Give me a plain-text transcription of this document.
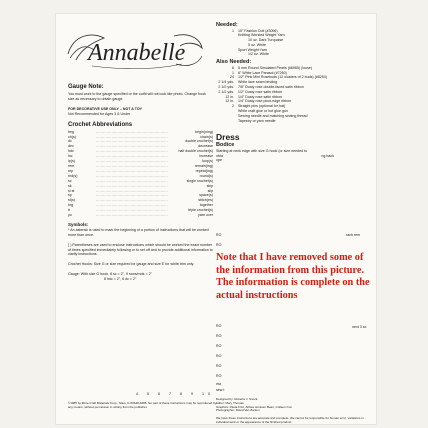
Annabelle
Gauge Note:
You must work to the gauge specified or the outfit will not look like photo. Change hook size as necessary to obtain gauge.
FOR DECORATIVE USE ONLY – NOT A TOY
Not Recommended for Ages 3 & Under
Crochet Abbreviations
beg .....	begin(ning)
ch(s) .....	chain(s)
dc .....	double crochet(s)
dec .....	decrease
hdc .....	half double crochet(s)
inc .....	increase
lp(s) .....	loop(s)
rem .....	remain(ing)
rep .....	repeat(ing)
rnd(s) .....	round(s)
sc .....	single crochet(s)
sk .....	skip
sl st .....	slip
sp .....	space(s)
st(s) .....	stitch(es)
tog .....	together
tr .....	triple crochet(s)
yo .....	yarn over
Symbols:
* An asterisk is used to mark the beginning of a portion of instructions that will be worked more than once.
( ) Parentheses are used to enclose instructions which should be worked the exact number of times specified immediately following or to set off and to provide additional information to clarify instructions.
Crochet Hooks: Size G or size required for gauge and size E for white trim only.
Gauge: With size G hook, 8 sc = 2", 9 rows/rnds = 2"
8 hdc = 2", 6 dc = 2"
4 5 6 7 8 9 10
©1985 by Fibre-Craft Materials Corp., Niles, IL 60648-4686. No part of these instructions may be reproduced by any means, without permission in writing from the publisher.
Needed:
1	15" Fashion Doll (#3096)
Knitting Worsted Weight Yarn
10 oz. Dark Turquoise
5 oz. White
Sport Weight Yarn
1/2 oz. White
Also Needed:
6	5 mm Round Simulated Pearls (#6965) (loose)
1	6" White Lace Parasol (#7260)
24	1/2" Pink Mini Rosebuds (12 clusters of 2 buds) (#8254)
2 1/4 yds.	White lace seam binding
2 1/2 yds.	7/8" Dusty rose double-faced satin ribbon
2 1/2 yds.	1/2" Dusty rose satin ribbon
12 in.	1/4" Dusty rose satin ribbon
12 in.	1/4" Dusty rose picot-edge ribbon
2	Straight pins (optional for hat)
White craft glue or hot glue gun
Sewing needle and matching sewing thread
Tapestry or yarn needle
Dress
Bodice
Starting at neck edge with size G hook (or size needed to
obta	ng back
ope
RO	rach rem
RO
Note that I have removed some of the information from this picture. The information is complete on the actual instructions
RO	next 3 sc
RO
RO
RO
RO
RO
ma
sew t
Designed by: Roberta J. Snock
Editor: Mary Thomas
Graphics: Paula Fritz, Althea Jenssen Bean, Colleen Cox
Photographer: David Van Zanten
We have these instructions are accurate and complete. We cannot be responsible for human error, variations in individual work or the appearance of the finished product.
